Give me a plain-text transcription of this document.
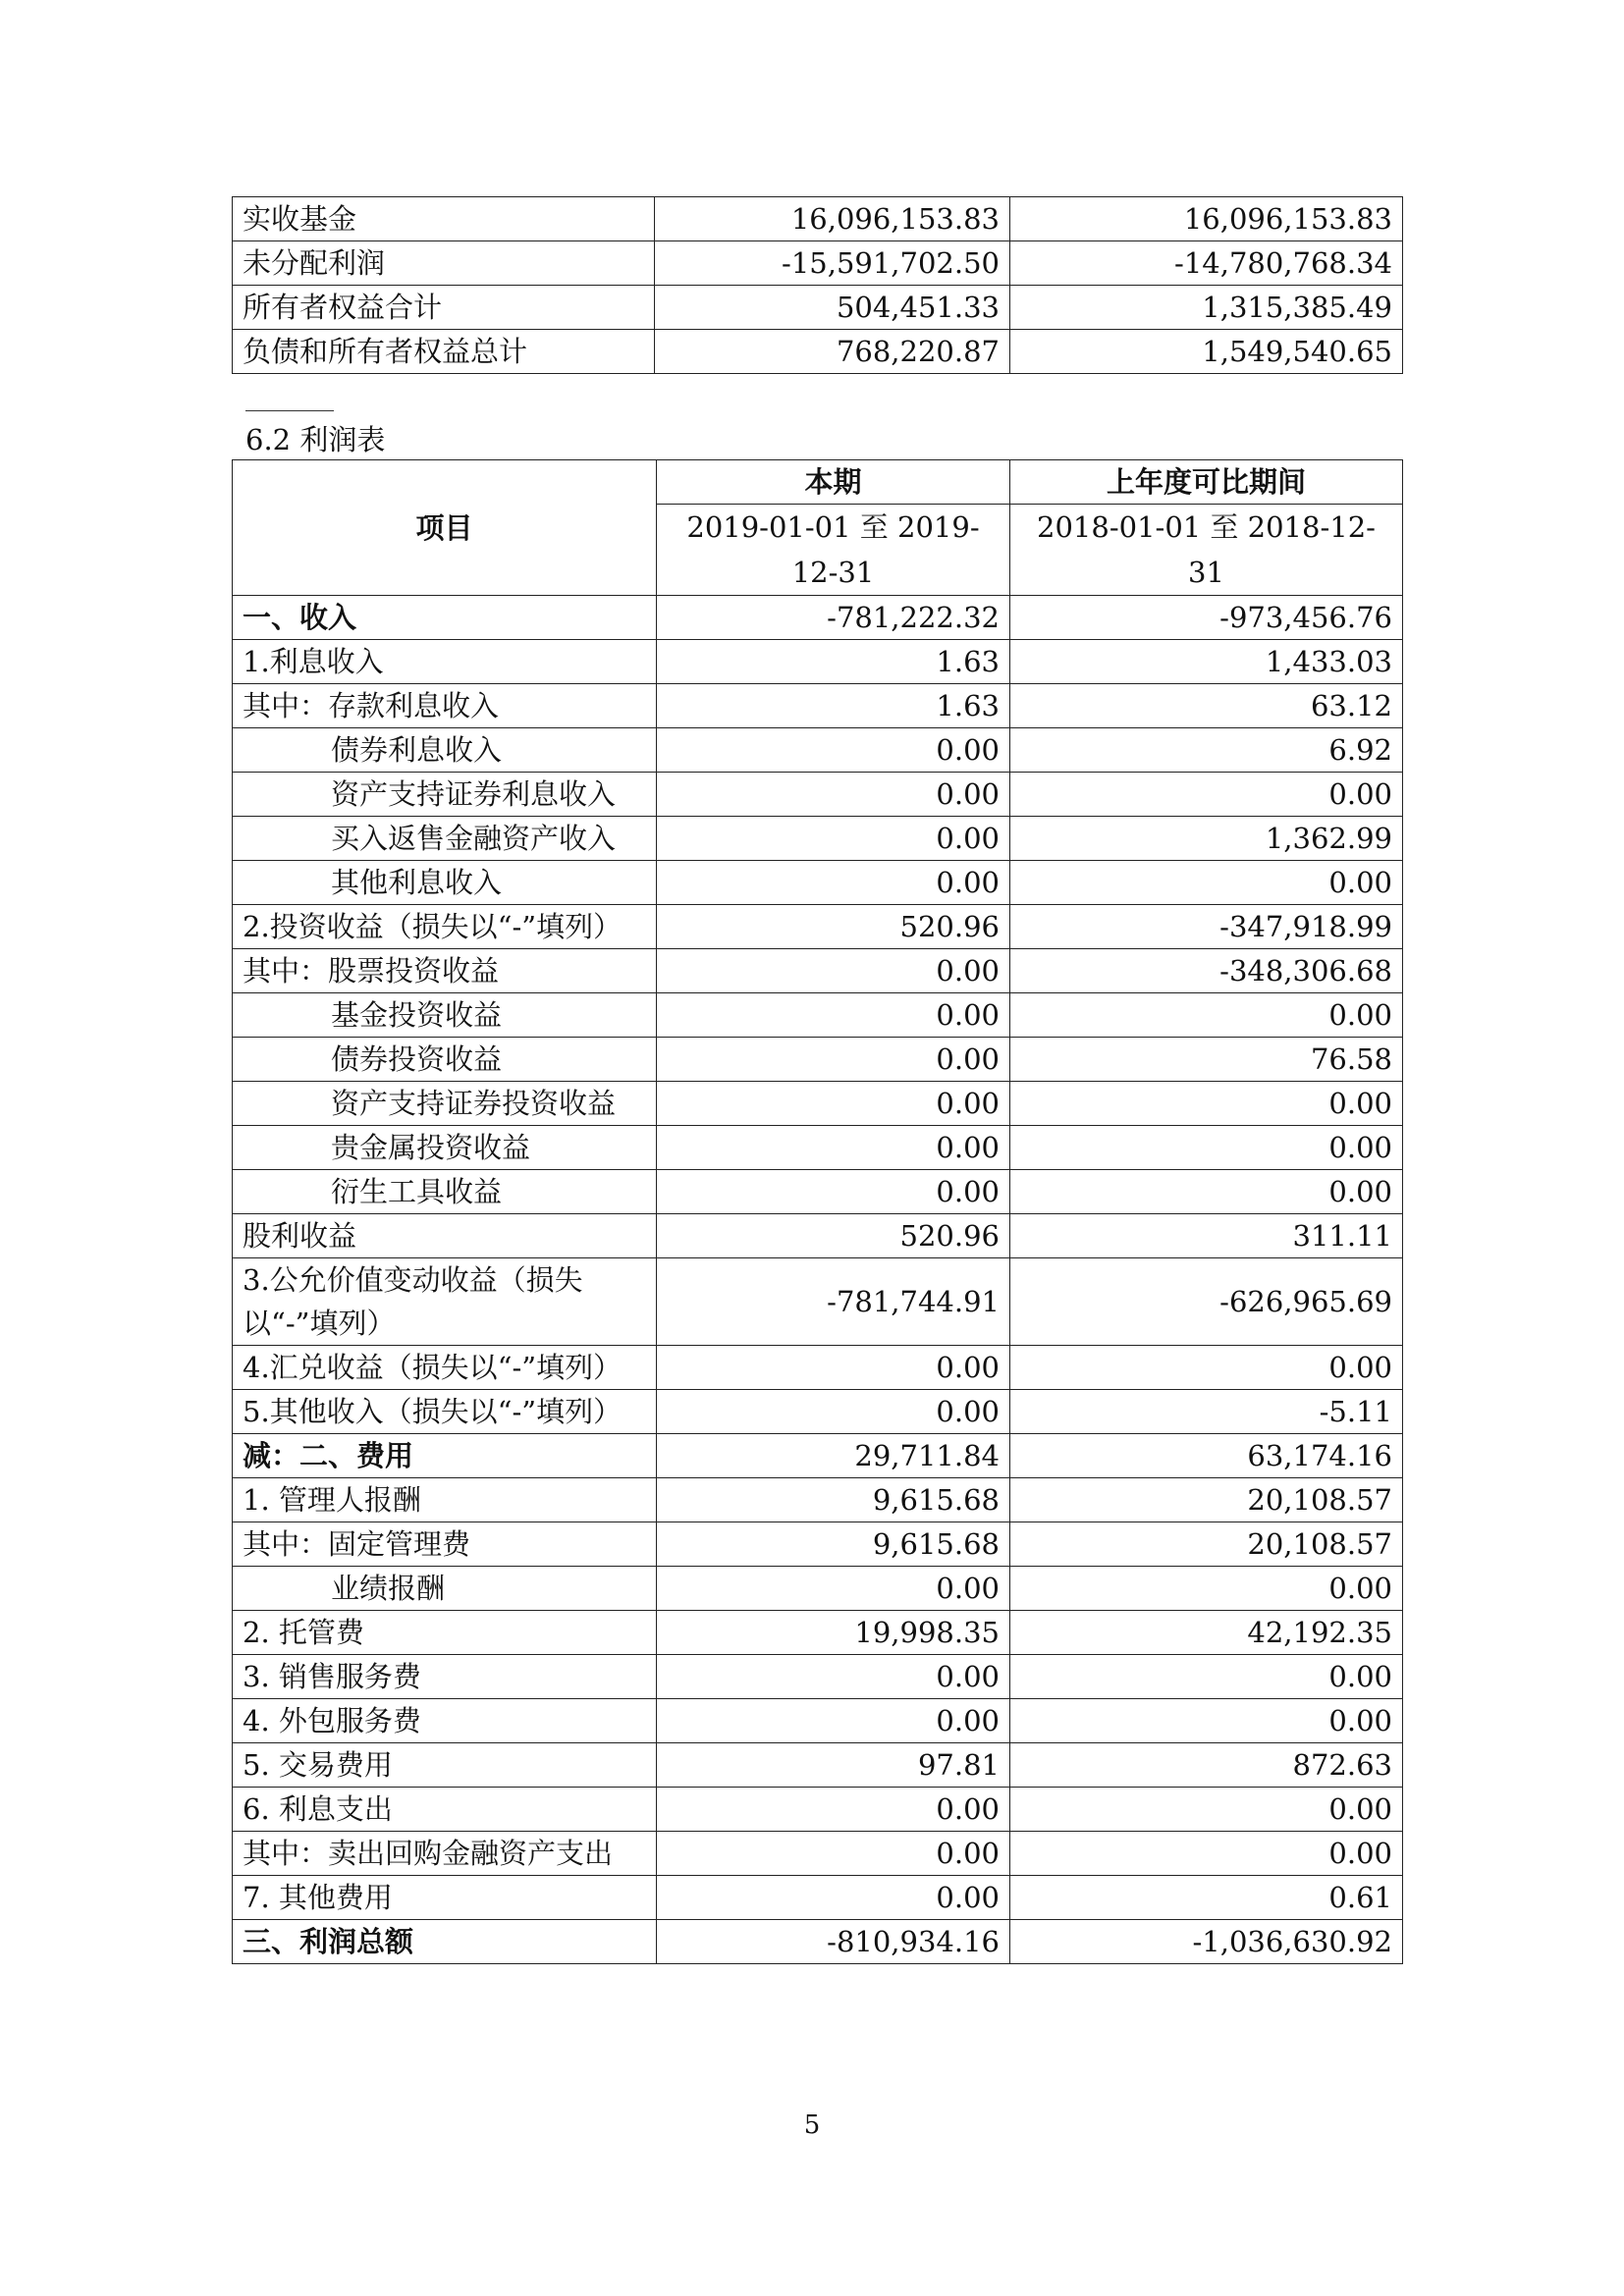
实收基金	16,096,153.83	16,096,153.83
未分配利润	-15,591,702.50	-14,780,768.34
所有者权益合计	504,451.33	1,315,385.49
负债和所有者权益总计	768,220.87	1,549,540.65
6.2 利润表
项目	本期	上年度可比期间
	2019-01-01 至 2019-12-31	2018-01-01 至 2018-12-31
一、收入	-781,222.32	-973,456.76
1.利息收入	1.63	1,433.03
其中：存款利息收入	1.63	63.12
债券利息收入	0.00	6.92
资产支持证券利息收入	0.00	0.00
买入返售金融资产收入	0.00	1,362.99
其他利息收入	0.00	0.00
2.投资收益（损失以“-”填列）	520.96	-347,918.99
其中：股票投资收益	0.00	-348,306.68
基金投资收益	0.00	0.00
债券投资收益	0.00	76.58
资产支持证券投资收益	0.00	0.00
贵金属投资收益	0.00	0.00
衍生工具收益	0.00	0.00
股利收益	520.96	311.11
3.公允价值变动收益（损失以“-”填列）	-781,744.91	-626,965.69
4.汇兑收益（损失以“-”填列）	0.00	0.00
5.其他收入（损失以“-”填列）	0.00	-5.11
减：二、费用	29,711.84	63,174.16
1. 管理人报酬	9,615.68	20,108.57
其中：固定管理费	9,615.68	20,108.57
业绩报酬	0.00	0.00
2. 托管费	19,998.35	42,192.35
3. 销售服务费	0.00	0.00
4. 外包服务费	0.00	0.00
5. 交易费用	97.81	872.63
6. 利息支出	0.00	0.00
其中：卖出回购金融资产支出	0.00	0.00
7. 其他费用	0.00	0.61
三、利润总额	-810,934.16	-1,036,630.92
5
